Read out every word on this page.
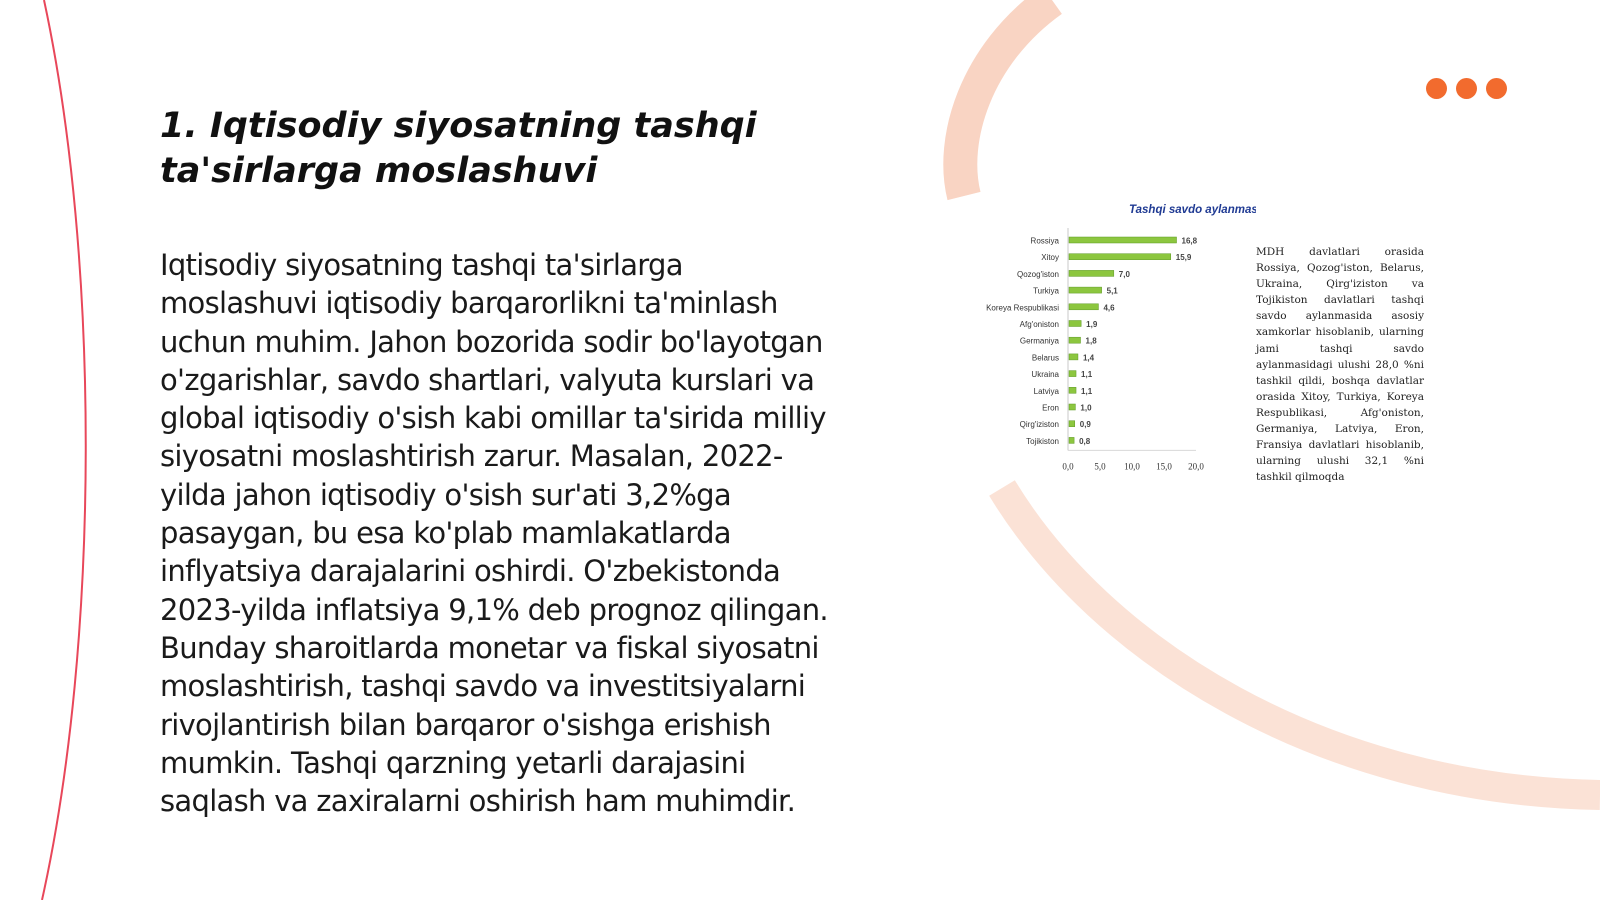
1. Iqtisodiy siyosatning tashqi ta'sirlarga moslashuvi

Iqtisodiy siyosatning tashqi ta'sirlarga moslashuvi iqtisodiy barqarorlikni ta'minlash uchun muhim. Jahon bozorida sodir bo'layotgan o'zgarishlar, savdo shartlari, valyuta kurslari va global iqtisodiy o'sish kabi omillar ta'sirida milliy siyosatni moslashtirish zarur. Masalan, 2022-yilda jahon iqtisodiy o'sish sur'ati 3,2%ga pasaygan, bu esa ko'plab mamlakatlarda inflyatsiya darajalarini oshirdi. O'zbekistonda 2023-yilda inflatsiya 9,1% deb prognoz qilingan. Bunday sharoitlarda monetar va fiskal siyosatni moslashtirish, tashqi savdo va investitsiyalarni rivojlantirish bilan barqaror o'sishga erishish mumkin. Tashqi qarzning yetarli darajasini saqlash va zaxiralarni oshirish ham muhimdir.

Tashqi savdo aylanmasi
Rossiya	16,8
Xitoy	15,9
Qozog'iston	7,0
Turkiya	5,1
Koreya Respublikasi	4,6
Afg'oniston	1,9
Germaniya	1,8
Belarus	1,4
Ukraina	1,1
Latviya	1,1
Eron	1,0
Qirg'iziston	0,9
Tojikiston	0,8
0,0 5,0 10,0 15,0 20,0

MDH davlatlari orasida Rossiya, Qozog'iston, Belarus, Ukraina, Qirg'iziston va Tojikiston davlatlari tashqi savdo aylanmasida asosiy xamkorlar hisoblanib, ularning jami tashqi savdo aylanmasidagi ulushi 28,0 %ni tashkil qildi, boshqa davlatlar orasida Xitoy, Turkiya, Koreya Respublikasi, Afg'oniston, Germaniya, Latviya, Eron, Fransiya davlatlari hisoblanib, ularning ulushi 32,1 %ni tashkil qilmoqda
